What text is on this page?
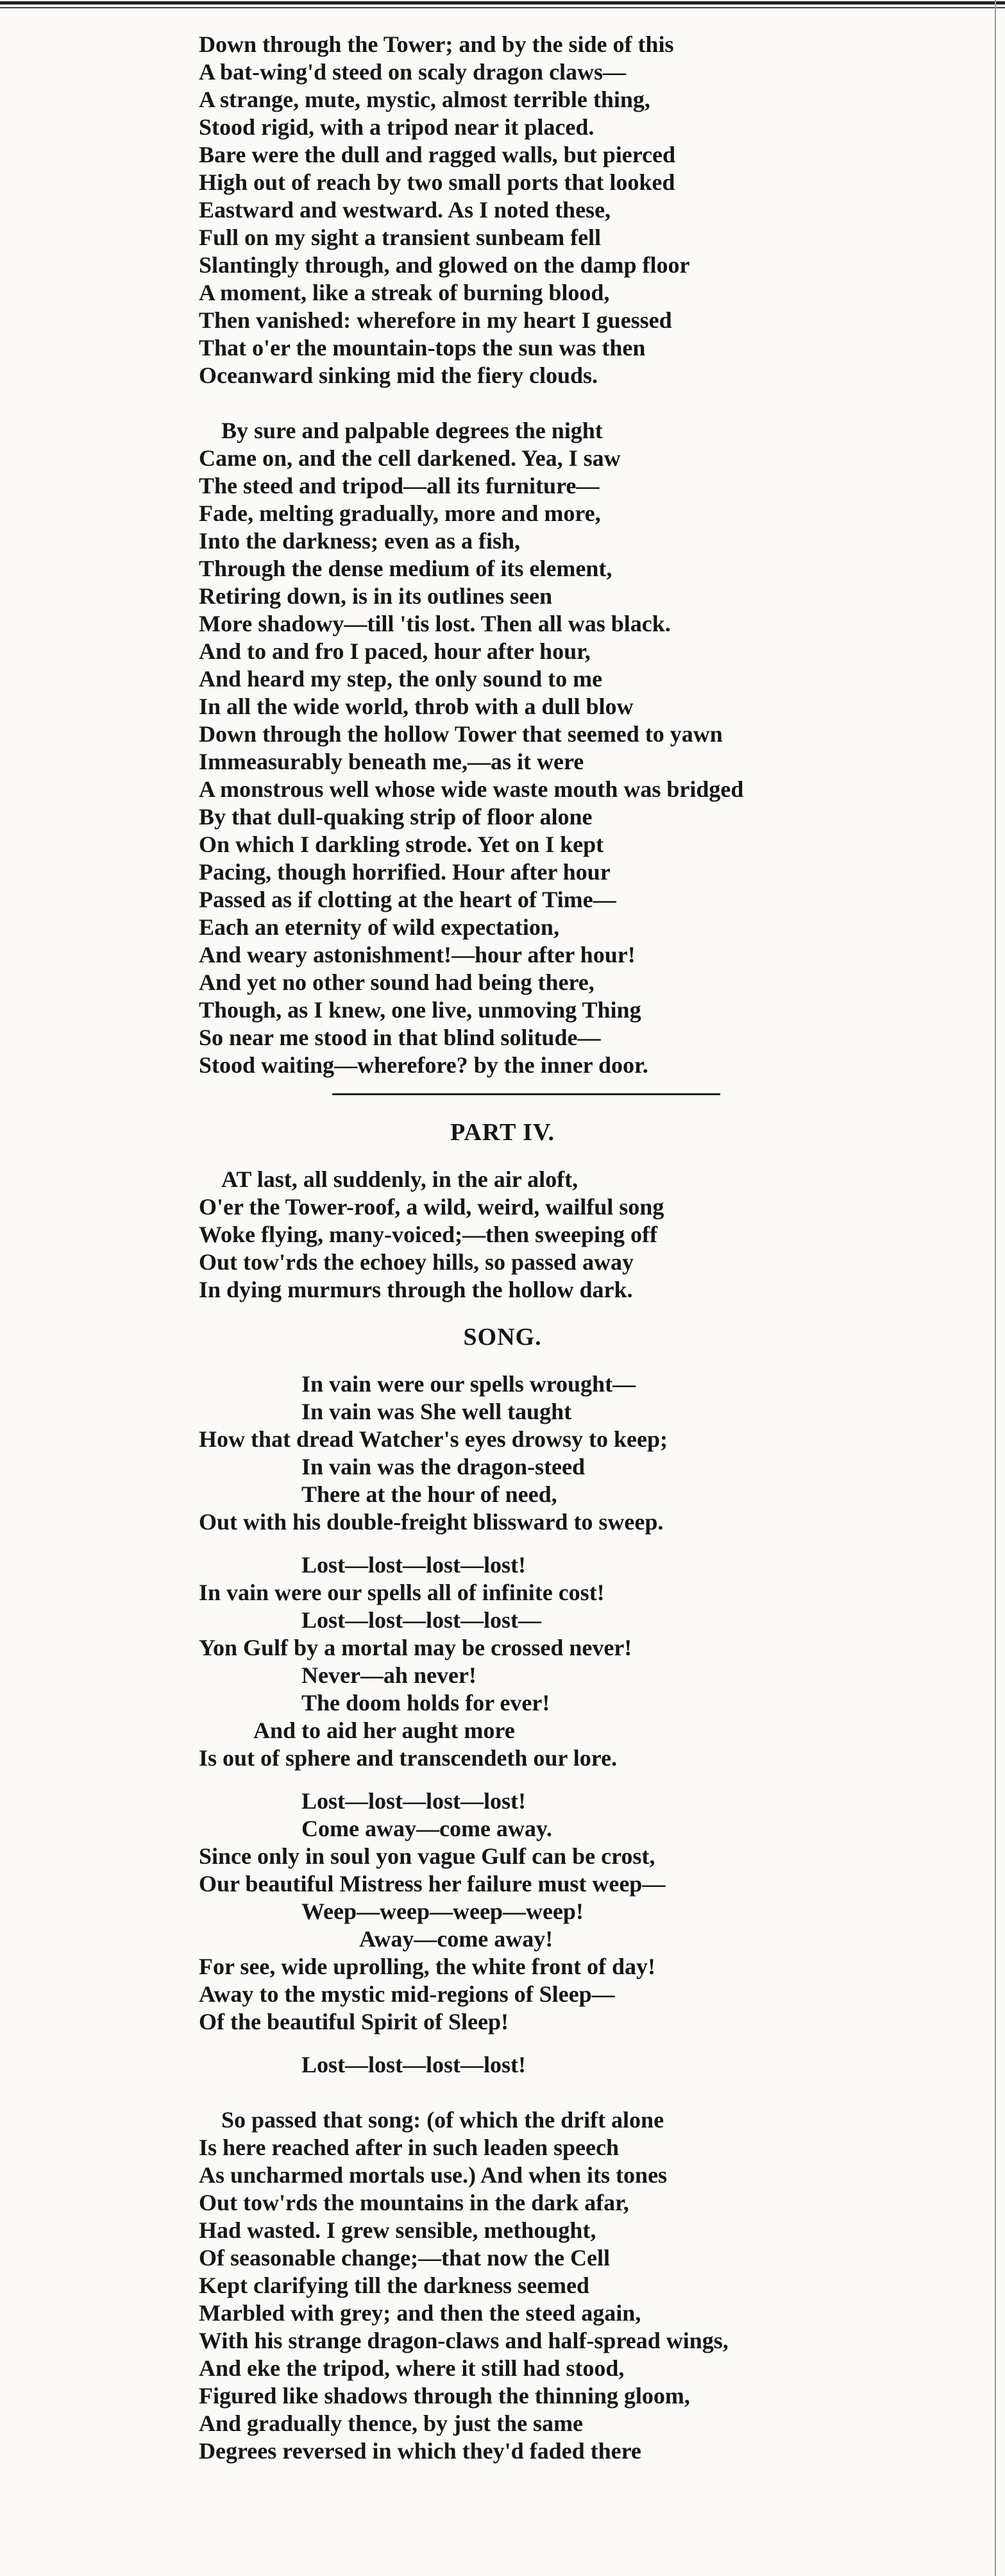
Down through the Tower; and by the side of this
A bat-wing'd steed on scaly dragon claws—
A strange, mute, mystic, almost terrible thing,
Stood rigid, with a tripod near it placed.
Bare were the dull and ragged walls, but pierced
High out of reach by two small ports that looked
Eastward and westward. As I noted these,
Full on my sight a transient sunbeam fell
Slantingly through, and glowed on the damp floor
A moment, like a streak of burning blood,
Then vanished: wherefore in my heart I guessed
That o'er the mountain-tops the sun was then
Oceanward sinking mid the fiery clouds.
By sure and palpable degrees the night
Came on, and the cell darkened. Yea, I saw
The steed and tripod—all its furniture—
Fade, melting gradually, more and more,
Into the darkness; even as a fish,
Through the dense medium of its element,
Retiring down, is in its outlines seen
More shadowy—till 'tis lost. Then all was black.
And to and fro I paced, hour after hour,
And heard my step, the only sound to me
In all the wide world, throb with a dull blow
Down through the hollow Tower that seemed to yawn
Immeasurably beneath me,—as it were
A monstrous well whose wide waste mouth was bridged
By that dull-quaking strip of floor alone
On which I darkling strode. Yet on I kept
Pacing, though horrified. Hour after hour
Passed as if clotting at the heart of Time—
Each an eternity of wild expectation,
And weary astonishment!—hour after hour!
And yet no other sound had being there,
Though, as I knew, one live, unmoving Thing
So near me stood in that blind solitude—
Stood waiting—wherefore? by the inner door.
PART IV.
AT last, all suddenly, in the air aloft,
O'er the Tower-roof, a wild, weird, wailful song
Woke flying, many-voiced;—then sweeping off
Out tow'rds the echoey hills, so passed away
In dying murmurs through the hollow dark.
SONG.
In vain were our spells wrought—
In vain was She well taught
How that dread Watcher's eyes drowsy to keep;
In vain was the dragon-steed
There at the hour of need,
Out with his double-freight blissward to sweep.
Lost—lost—lost—lost!
In vain were our spells all of infinite cost!
Lost—lost—lost—lost—
Yon Gulf by a mortal may be crossed never!
Never—ah never!
The doom holds for ever!
And to aid her aught more
Is out of sphere and transcendeth our lore.
Lost—lost—lost—lost!
Come away—come away.
Since only in soul yon vague Gulf can be crost,
Our beautiful Mistress her failure must weep—
Weep—weep—weep—weep!
Away—come away!
For see, wide uprolling, the white front of day!
Away to the mystic mid-regions of Sleep—
Of the beautiful Spirit of Sleep!
Lost—lost—lost—lost!
So passed that song: (of which the drift alone
Is here reached after in such leaden speech
As uncharmed mortals use.) And when its tones
Out tow'rds the mountains in the dark afar,
Had wasted. I grew sensible, methought,
Of seasonable change;—that now the Cell
Kept clarifying till the darkness seemed
Marbled with grey; and then the steed again,
With his strange dragon-claws and half-spread wings,
And eke the tripod, where it still had stood,
Figured like shadows through the thinning gloom,
And gradually thence, by just the same
Degrees reversed in which they'd faded there
